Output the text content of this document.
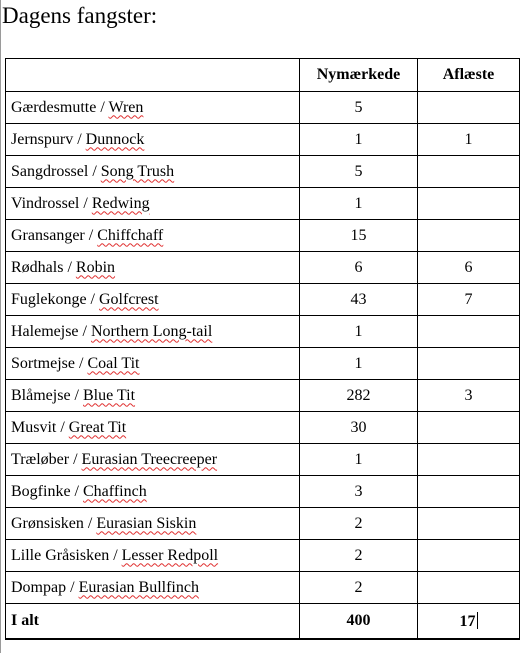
Dagens fangster:
	Nymærkede	Aflæste
Gærdesmutte / Wren	5	
Jernspurv / Dunnock	1	1
Sangdrossel / Song Trush	5	
Vindrossel / Redwing	1	
Gransanger / Chiffchaff	15	
Rødhals / Robin	6	6
Fuglekonge / Golfcrest	43	7
Halemejse / Northern Long-tail	1	
Sortmejse / Coal Tit	1	
Blåmejse / Blue Tit	282	3
Musvit / Great Tit	30	
Træløber / Eurasian Treecreeper	1	
Bogfinke / Chaffinch	3	
Grønsisken / Eurasian Siskin	2	
Lille Gråsisken / Lesser Redpoll	2	
Dompap / Eurasian Bullfinch	2	
I alt	400	17
